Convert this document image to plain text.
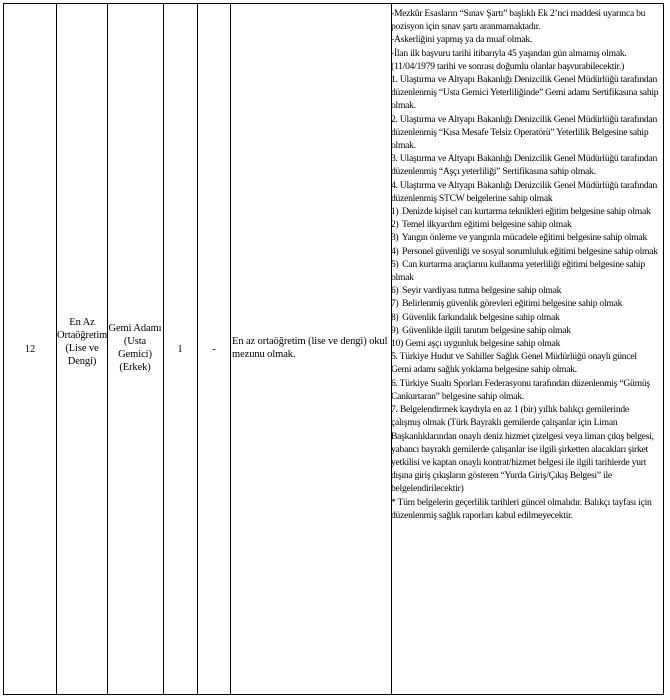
12
En Az
Ortaöğretim
(Lise ve
Dengi)
Gemi Adamı
(Usta Gemici)
(Erkek)
1	-
En az ortaöğretim (lise ve dengi) okul mezunu olmak.

-Mezkûr Esasların “Sınav Şartı” başlıklı Ek 2’nci maddesi uyarınca bu pozisyon için sınav şartı aranmamaktadır.

-Askerliğini yapmış ya da muaf olmak.

-İlan ilk başvuru tarihi itibarıyla 45 yaşından gün almamış olmak. (11/04/1979 tarihi ve sonrası doğumlu olanlar başvurabilecektir.)

1. Ulaştırma ve Altyapı Bakanlığı Denizcilik Genel Müdürlüğü tarafından düzenlenmiş “Usta Gemici Yeterliliğinde” Gemi adamı Sertifikasına sahip olmak.

2. Ulaştırma ve Altyapı Bakanlığı Denizcilik Genel Müdürlüğü tarafından düzenlenmiş “Kısa Mesafe Telsiz Operatörü” Yeterlilik Belgesine sahip olmak.

3. Ulaştırma ve Altyapı Bakanlığı Denizcilik Genel Müdürlüğü tarafından düzenlenmiş “Aşçı yeterliliği” Sertifikasına sahip olmak.

4. Ulaştırma ve Altyapı Bakanlığı Denizcilik Genel Müdürlüğü tarafından düzenlenmiş STCW belgelerine sahip olmak

1) Denizde kişisel can kurtarma teknikleri eğitim belgesine sahip olmak
2) Temel ilkyardım eğitimi belgesine sahip olmak
3) Yangın önleme ve yangınla mücadele eğitimi belgesine sahip olmak
4) Personel güvenliği ve sosyal sorumluluk eğitimi belgesine sahip olmak
5) Can kurtarma araçlarını kullanma yeterliliği eğitimi belgesine sahip olmak
6) Seyir vardiyası tutma belgesine sahip olmak
7) Belirlenmiş güvenlik görevleri eğitimi belgesine sahip olmak
8) Güvenlik farkındalık belgesine sahip olmak
9) Güvenlikle ilgili tanıtım belgesine sahip olmak
10) Gemi aşçı uygunluk belgesine sahip olmak

5. Türkiye Hudut ve Sahiller Sağlık Genel Müdürlüğü onaylı güncel Gemi adamı sağlık yoklama belgesine sahip olmak.

6. Türkiye Sualtı Sporları Federasyonu tarafından düzenlenmiş “Gümüş Cankurtaran” belgesine sahip olmak.

7. Belgelendirmek kaydıyla en az 1 (bir) yıllık balıkçı gemilerinde çalışmış olmak (Türk Bayraklı gemilerde çalışanlar için Liman Başkanlıklarından onaylı deniz hizmet çizelgesi veya liman çıkış belgesi, yabancı bayraklı gemilerde çalışanlar ise ilgili şirketten alacakları şirket yetkilisi ve kaptan onaylı kontrat/hizmet belgesi ile ilgili tarihlerde yurt dışına giriş çıkışların gösteren “Yurda Giriş/Çıkış Belgesi” ile belgelendirilecektir)

* Tüm belgelerin geçerlilik tarihleri güncel olmalıdır. Balıkçı tayfası için düzenlenmiş sağlık raporları kabul edilmeyecektir.
